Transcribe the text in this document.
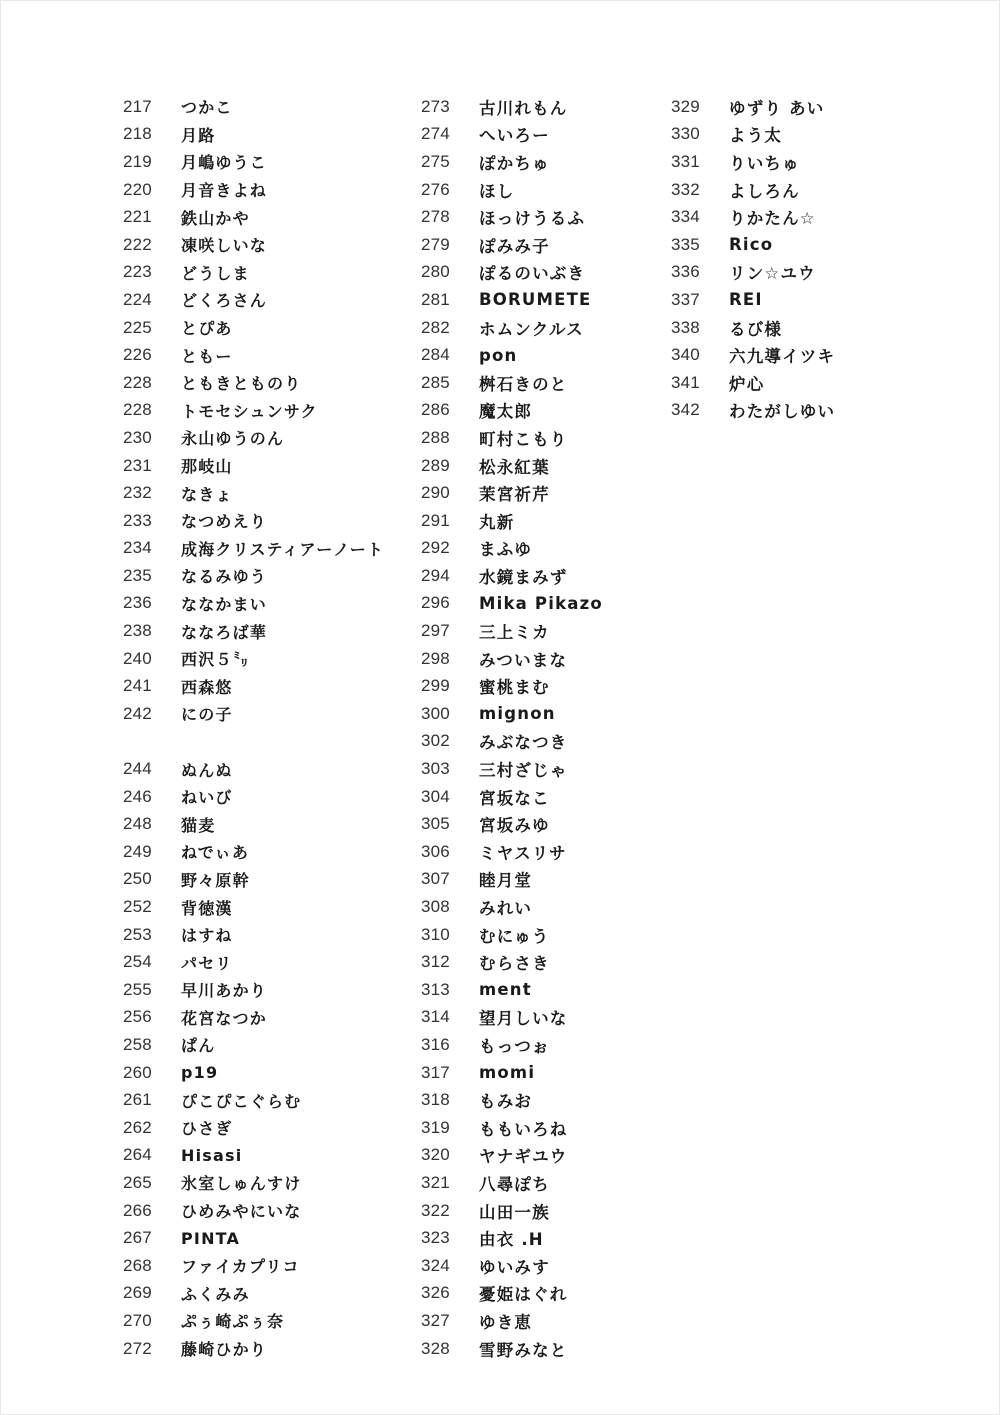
217	つかこ
218	月路
219	月嶋ゆうこ
220	月音きよね
221	鉄山かや
222	凍咲しいな
223	どうしま
224	どくろさん
225	とぴあ
226	ともー
228	ともきとものり
228	トモセシュンサク
230	永山ゆうのん
231	那岐山
232	なきょ
233	なつめえり
234	成海クリスティアーノート
235	なるみゆう
236	ななかまい
238	ななろば華
240	西沢５㍉
241	西森悠
242	にの子
244	ぬんぬ
246	ねいび
248	猫麦
249	ねでぃあ
250	野々原幹
252	背徳漢
253	はすね
254	パセリ
255	早川あかり
256	花宮なつか
258	ぱん
260	p19
261	ぴこぴこぐらむ
262	ひさぎ
264	Hisasi
265	氷室しゅんすけ
266	ひめみやにいな
267	PINTA
268	ファイカプリコ
269	ふくみみ
270	ぷぅ崎ぷぅ奈
272	藤崎ひかり
273	古川れもん
274	へいろー
275	ぽかちゅ
276	ほし
278	ほっけうるふ
279	ぽみみ子
280	ぽるのいぶき
281	BORUMETE
282	ホムンクルス
284	pon
285	桝石きのと
286	魔太郎
288	町村こもり
289	松永紅葉
290	茉宮祈芹
291	丸新
292	まふゆ
294	水鏡まみず
296	Mika Pikazo
297	三上ミカ
298	みついまな
299	蜜桃まむ
300	mignon
302	みぶなつき
303	三村ざじゃ
304	宮坂なこ
305	宮坂みゆ
306	ミヤスリサ
307	睦月堂
308	みれい
310	むにゅう
312	むらさき
313	ment
314	望月しいな
316	もっつぉ
317	momi
318	もみお
319	ももいろね
320	ヤナギユウ
321	八尋ぽち
322	山田一族
323	由衣 .H
324	ゆいみす
326	憂姫はぐれ
327	ゆき恵
328	雪野みなと
329	ゆずり あい
330	よう太
331	りいちゅ
332	よしろん
334	りかたん☆
335	Rico
336	リン☆ユウ
337	REI
338	るび様
340	六九導イツキ
341	炉心
342	わたがしゆい
